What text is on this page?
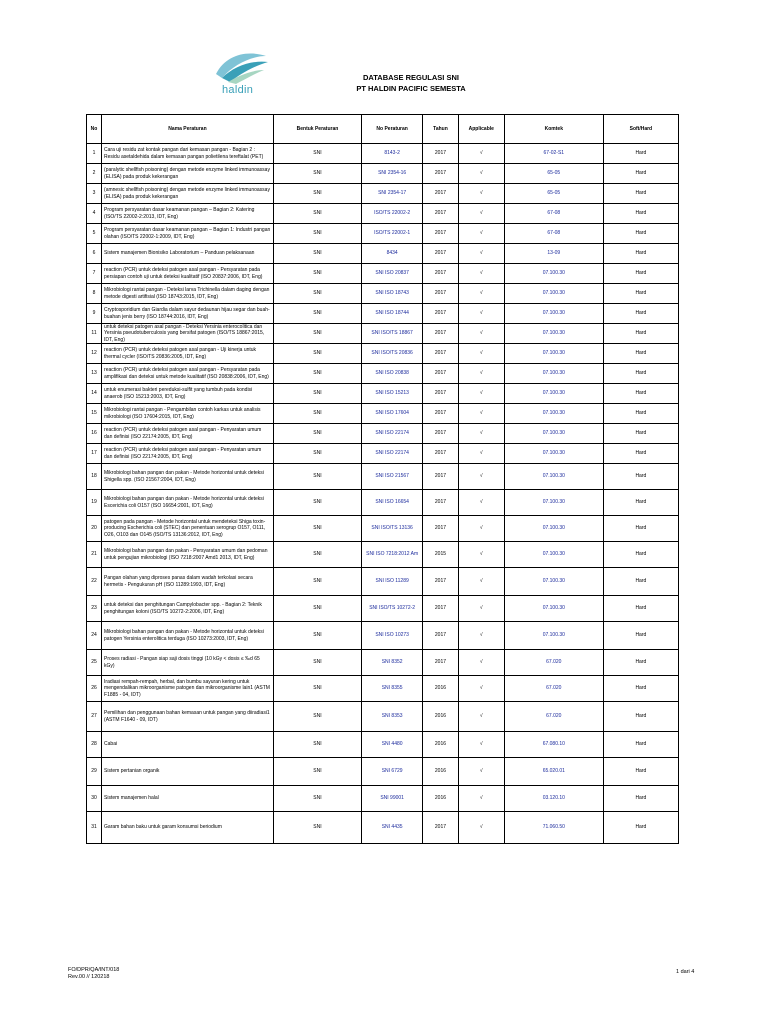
haldin
DATABASE REGULASI SNI
PT HALDIN PACIFIC SEMESTA
No	Nama Peraturan	Bentuk Peraturan	No Peraturan	Tahun	Applicable	Komtek	Soft/Hard
1	Cara uji residu zat kontak pangan dari kemasan pangan - Bagian 2 : Residu asetaldehida dalam kemasan pangan polietilena tereftalat (PET)	SNI	8143-2	2017	√	67-02-S1	Hard
2	(paralytic shellfish poisoning) dengan metode enzyme linked immunoassay (ELISA) pada produk kekerangan	SNI	SNI 2354-16	2017	√	65-05	Hard
3	(amnesic shellfish poisoning) dengan metode enzyme linked immunoassay (ELISA) pada produk kekerangan	SNI	SNI 2354-17	2017	√	65-05	Hard
4	Program persyaratan dasar keamanan pangan – Bagian 2: Katering (ISO/TS 22002-2:2013, IDT, Eng)	SNI	ISO/TS 22002-2	2017	√	67-08	Hard
5	Program persyaratan dasar keamanan pangan – Bagian 1: Industri pangan olahan (ISO/TS 22002-1:2009, IDT, Eng)	SNI	ISO/TS 22002-1	2017	√	67-08	Hard
6	Sistem manajemen Bionisiko Laboratorium – Panduan pelaksanaan	SNI	8434	2017	√	13-09	Hard
7	reaction (PCR) untuk deteksi patogen asal pangan - Persyaratan pada persiapan contoh uji untuk deteksi kualitatif (ISO 20837:2006, IDT, Eng)	SNI	SNI ISO 20837	2017	√	07.100.30	Hard
8	Mikrobiologi rantai pangan - Deteksi larva Trichinella dalam daging dengan metode digesti artifisial (ISO 18743:2015, IDT, Eng)	SNI	SNI ISO 18743	2017	√	07.100.30	Hard
9	Cryptosporidium dan Giardia dalam sayur dedaunan hijau segar dan buah-buahan jenis berry (ISO 18744:2016, IDT, Eng)	SNI	SNI ISO 18744	2017	√	07.100.30	Hard
11	untuk deteksi patogen asal pangan - Deteksi Yersinia enterocolitica dan Yersinia pseudotuberculosis yang bersifat patogen (ISO/TS 18867:2015, IDT, Eng)	SNI	SNI ISO/TS 18867	2017	√	07.100.30	Hard
12	reaction (PCR) untuk deteksi patogen asal pangan - Uji kinerja untuk thermal cycler (ISO/TS 20836:2005, IDT, Eng)	SNI	SNI ISO/TS 20836	2017	√	07.100.30	Hard
13	reaction (PCR) untuk deteksi patogen asal pangan - Persyaratan pada amplifikasi dan deteksi untuk metode kualitatif (ISO 20838:2006, IDT, Eng)	SNI	SNI ISO 20838	2017	√	07.100.30	Hard
14	untuk enumerasi bakteri pereduksi-sulfit yang tumbuh pada kondisi anaerob (ISO 15213:2003, IDT, Eng)	SNI	SNI ISO 15213	2017	√	07.100.30	Hard
15	Mikrobiologi rantai pangan - Pengambilan contoh karkas untuk analisis mikrobiologi (ISO 17604:2015, IDT, Eng)	SNI	SNI ISO 17604	2017	√	07.100.30	Hard
16	reaction (PCR) untuk deteksi patogen asal pangan - Penyaratan umum dan definisi (ISO 22174:2005, IDT, Eng)	SNI	SNI ISO 22174	2017	√	07.100.30	Hard
17	reaction (PCR) untuk deteksi patogen asal pangan - Penyaratan umum dan definisi (ISO 22174:2005, IDT, Eng)	SNI	SNI ISO 22174	2017	√	07.100.30	Hard
18	Mikrobiologi bahan pangan dan pakan - Metode horizontal untuk deteksi Shigella spp. (ISO 21567:2004, IDT, Eng)	SNI	SNI ISO 21567	2017	√	07.100.30	Hard
19	Mikrobiologi bahan pangan dan pakan - Metode horizontal untuk deteksi Escerichia coli O157 (ISO 16654:2001, IDT, Eng)	SNI	SNI ISO 16654	2017	√	07.100.30	Hard
20	patogen pada pangan - Metode horizontal untuk mendeteksi Shiga toxin-producing Escherichia coli (STEC) dan penentuan serogrup O157, O111, O26, O103 dan O145 (ISO/TS 13136:2012, IDT, Eng)	SNI	SNI ISO/TS 13136	2017	√	07.100.30	Hard
21	Mikrobiologi bahan pangan dan pakan - Persyaratan umum dan pedoman untuk pengujian mikrobiologi (ISO 7218:2007 Amd1 2013, IDT, Eng)	SNI	SNI ISO 7218:2012 Am	2015	√	07.100.30	Hard
22	Pangan olahan yang diproses panas dalam wadah terkolasi secara hermetis - Pengukuran pH (ISO 11289:1993, IDT, Eng)	SNI	SNI ISO 11289	2017	√	07.100.30	Hard
23	untuk deteksi dan penghitungan Campylobacter spp. - Bagian 2: Teknik penghitungan koloni (ISO/TS 10272-2:2006, IDT, Eng)	SNI	SNI ISO/TS 10272-2	2017	√	07.100.30	Hard
24	Mikrobiologi bahan pangan dan pakan - Metode horizontal untuk deteksi patogen Yersinia enterolitica terduga (ISO 10273:2003, IDT, Eng)	SNI	SNI ISO 10273	2017	√	07.100.30	Hard
25	Proses radiasi - Pangan siap saji dosis tinggi (10 kGy < dosis ≤ ‰d 65 kGy)	SNI	SNI 8352	2017	√	67.020	Hard
26	Iradiasi rempah-rempah, herbal, dan bumbu sayuran kering untuk mengendalikan mikroorganisme patogen dan mikroorganisme lain1 (ASTM F1885 - 04, IDT)	SNI	SNI 8355	2016	√	67.020	Hard
27	Pemilihan dan penggunaan bahan kemasan untuk pangan yang diiradiasi1 (ASTM F1640 - 09, IDT)	SNI	SNI 8353	2016	√	67.020	Hard
28	Cabai	SNI	SNI 4480	2016	√	67.080.10	Hard
29	Sistem pertanian organik	SNI	SNI 6729	2016	√	65.020.01	Hard
30	Sistem manajemen halal	SNI	SNI 99001	2016	√	03.120.10	Hard
31	Garam bahan baku untuk garam konsumsi beriodium	SNI	SNI 4435	2017	√	71.060.50	Hard
FO/DPR/QA/INT/018
Rev.00 // 120218
1 dari 4
